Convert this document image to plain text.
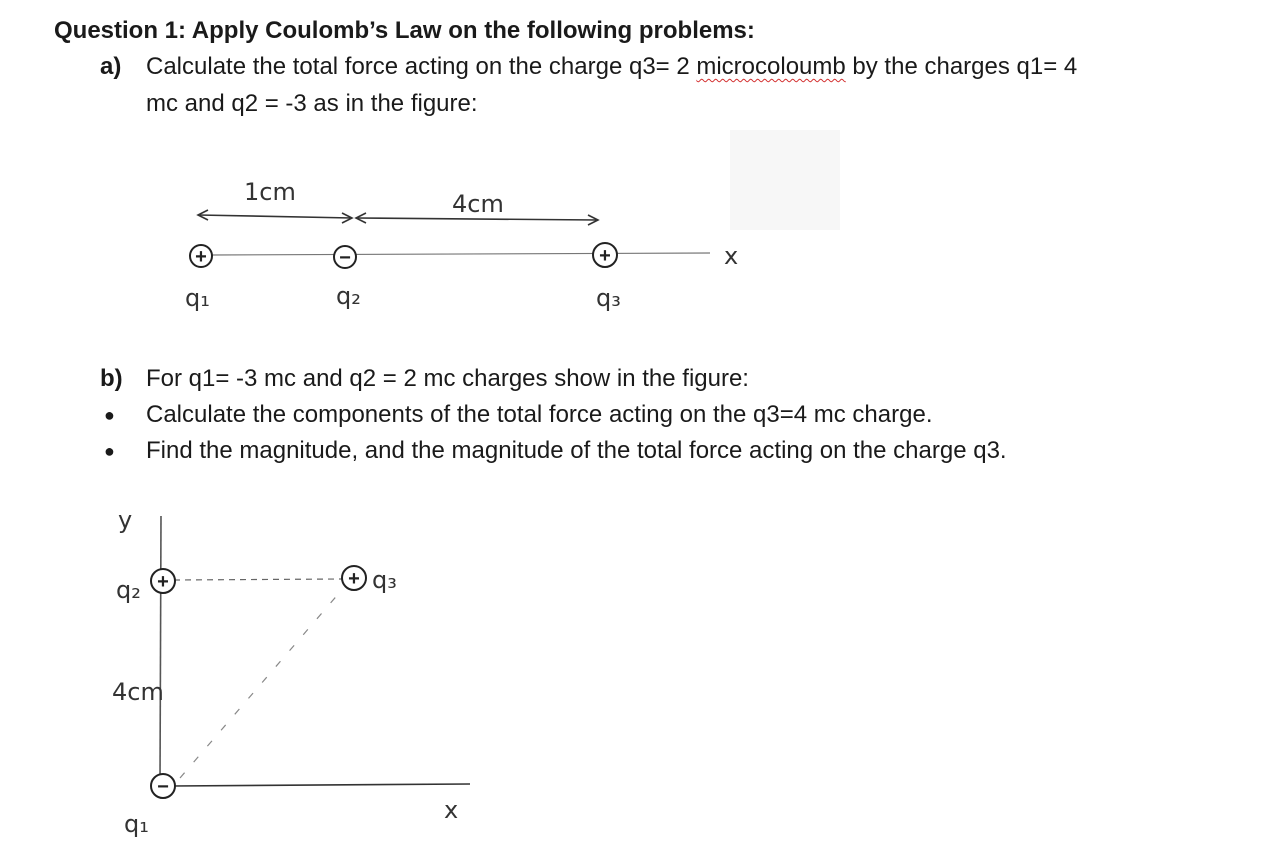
Question 1: Apply Coulomb’s Law on the following problems:
a) Calculate the total force acting on the charge q3= 2 microcoloumb by the charges q1= 4
mc and q2 = -3 as in the figure:
1cm	4cm
x
+	−	+
q₁	q₂	q₃
b) For q1= -3 mc and q2 = 2 mc charges show in the figure:
● Calculate the components of the total force acting on the q3=4 mc charge.
● Find the magnitude, and the magnitude of the total force acting on the charge q3.
y
x
4cm
+	+
−
q₂	q₃
q₁
